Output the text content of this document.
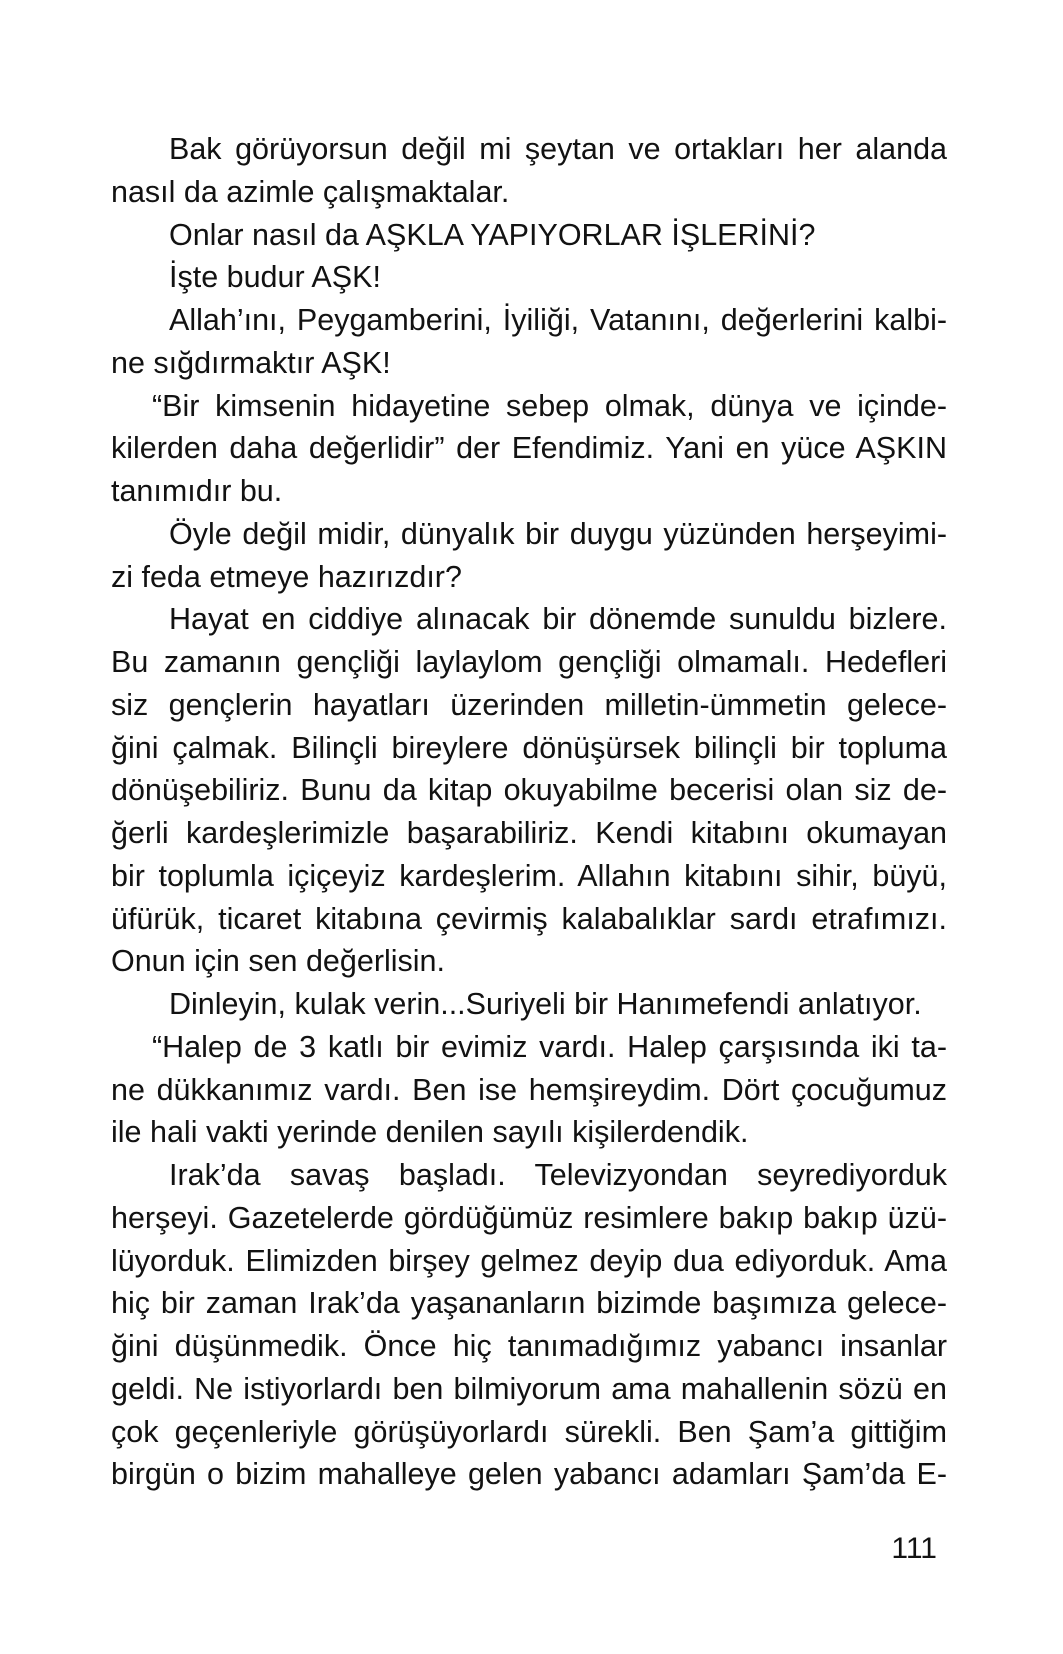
Bak görüyorsun değil mi şeytan ve ortakları her alanda
nasıl da azimle çalışmaktalar.
Onlar nasıl da AŞKLA YAPIYORLAR İŞLERİNİ?
İşte budur AŞK!
Allah’ını, Peygamberini, İyiliği, Vatanını, değerlerini kalbi-
ne sığdırmaktır AŞK!
“Bir kimsenin hidayetine sebep olmak, dünya ve içinde-
kilerden daha değerlidir” der Efendimiz. Yani en yüce AŞKIN
tanımıdır bu.
Öyle değil midir, dünyalık bir duygu yüzünden herşeyimi-
zi feda etmeye hazırızdır?
Hayat en ciddiye alınacak bir dönemde sunuldu bizlere.
Bu zamanın gençliği laylaylom gençliği olmamalı. Hedefleri
siz gençlerin hayatları üzerinden milletin-ümmetin gelece-
ğini çalmak. Bilinçli bireylere dönüşürsek bilinçli bir topluma
dönüşebiliriz. Bunu da kitap okuyabilme becerisi olan siz de-
ğerli kardeşlerimizle başarabiliriz. Kendi kitabını okumayan
bir toplumla içiçeyiz kardeşlerim. Allahın kitabını sihir, büyü,
üfürük, ticaret kitabına çevirmiş kalabalıklar sardı etrafımızı.
Onun için sen değerlisin.
Dinleyin, kulak verin...Suriyeli bir Hanımefendi anlatıyor.
“Halep de 3 katlı bir evimiz vardı. Halep çarşısında iki ta-
ne dükkanımız vardı. Ben ise hemşireydim. Dört çocuğumuz
ile hali vakti yerinde denilen sayılı kişilerdendik.
Irak’da savaş başladı. Televizyondan seyrediyorduk
herşeyi. Gazetelerde gördüğümüz resimlere bakıp bakıp üzü-
lüyorduk. Elimizden birşey gelmez deyip dua ediyorduk. Ama
hiç bir zaman Irak’da yaşananların bizimde başımıza gelece-
ğini düşünmedik. Önce hiç tanımadığımız yabancı insanlar
geldi. Ne istiyorlardı ben bilmiyorum ama mahallenin sözü en
çok geçenleriyle görüşüyorlardı sürekli. Ben Şam’a gittiğim
birgün o bizim mahalleye gelen yabancı adamları Şam’da E-
111
